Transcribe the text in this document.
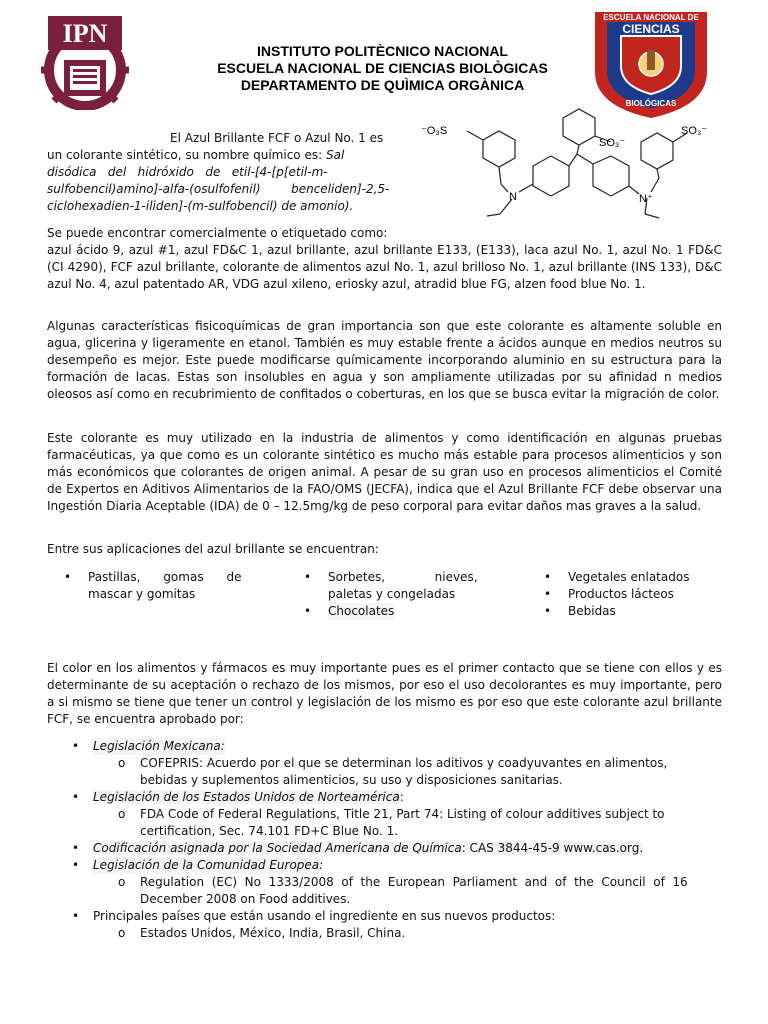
IPN
ESCUELA NACIONAL DE
CIENCIAS
BIOLÓGICAS
INSTITUTO POLITÈCNICO NACIONAL
ESCUELA NACIONAL DE CIENCIAS BIOLÒGICAS
DEPARTAMENTO DE QUÌMICA ORGÀNICA
⁻O₃S
SO₃⁻
SO₃⁻
N	N⁺
El Azul Brillante FCF o Azul No. 1 es
un colorante sintético, su nombre químico es: Sal
disódica   del   hidróxido   de   etil-[4-[p[etil-m-
sulfobencil)amino]-alfa-(osulfofenil)        benceliden]-2,5-
ciclohexadien-1-iliden]-(m-sulfobencil) de amonio).
Se puede encontrar comercialmente o etiquetado como:
azul ácido 9, azul #1, azul FD&C 1, azul brillante, azul brillante E133, (E133), laca azul No. 1, azul No. 1 FD&C (CI 4290), FCF azul brillante, colorante de alimentos azul No. 1, azul brilloso No. 1, azul brillante (INS 133), D&C azul No. 4, azul patentado AR, VDG azul xileno, eriosky azul, atradid blue FG, alzen food blue No. 1.
Algunas características fisicoquímicas de gran importancia son que este colorante es altamente soluble en agua, glicerina y ligeramente en etanol. También es muy estable frente a ácidos aunque en medios neutros su desempeño es mejor. Este puede modificarse químicamente incorporando aluminio en su estructura para la formación de lacas. Estas son insolubles en agua y son ampliamente utilizadas por su afinidad n medios oleosos así como en recubrimiento de confitados o coberturas, en los que se busca evitar la migración de color.
Este colorante es muy utilizado en la industria de alimentos y como identificación en algunas pruebas farmacéuticas, ya que como es un colorante sintético es mucho más estable para procesos alimenticios y son más económicos que colorantes de origen animal. A pesar de su gran uso en procesos alimenticios el Comité de Expertos en Aditivos Alimentarios de la FAO/OMS (JECFA), indica que el Azul Brillante FCF debe observar una Ingestión Diaria Aceptable (IDA) de 0 – 12.5mg/kg de peso corporal para evitar daños mas graves a la salud.
Entre sus aplicaciones del azul brillante se encuentran:
• Pastillas,      gomas      de
mascar y gomitas
• Sorbetes,             nieves,
paletas y congeladas
• Chocolates
• Vegetales enlatados
• Productos lácteos
• Bebidas
El color en los alimentos y fármacos es muy importante pues es el primer contacto que se tiene con ellos y es determinante de su aceptación o rechazo de los mismos, por eso el uso decolorantes es muy importante, pero a si mismo se tiene que tener un control y legislación de los mismo es por eso que este colorante azul brillante FCF, se encuentra aprobado por:
• Legislación Mexicana:
o COFEPRIS: Acuerdo por el que se determinan los aditivos y coadyuvantes en alimentos,
bebidas y suplementos alimenticios, su uso y disposiciones sanitarias.
• Legislación de los Estados Unidos de Norteamérica:
o FDA Code of Federal Regulations, Title 21, Part 74: Listing of colour additives subject to
certification, Sec. 74.101 FD+C Blue No. 1.
• Codificación asignada por la Sociedad Americana de Química: CAS 3844-45-9 www.cas.org.
• Legislación de la Comunidad Europea:
o Regulation  (EC)  No  1333/2008  of  the  European  Parliament  and  of  the  Council  of  16
December 2008 on Food additives.
• Principales países que están usando el ingrediente en sus nuevos productos:
o Estados Unidos, México, India, Brasil, China.
